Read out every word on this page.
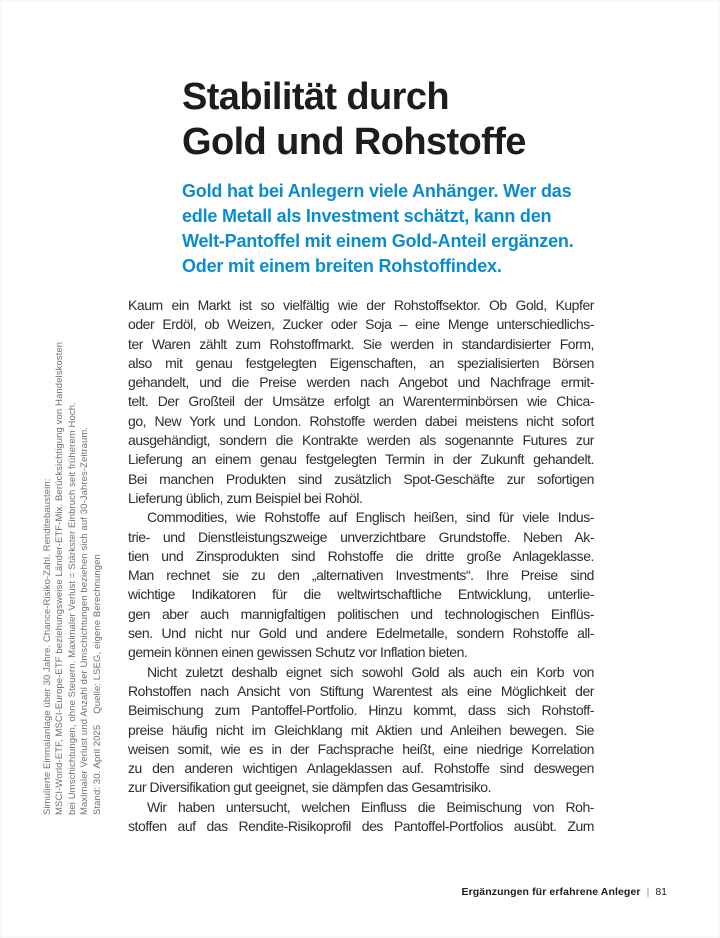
Simulierte Einmalanlage über 30 Jahre. Chance-Risiko-Zahl. Renditebaustein: MSCI-World-ETF, MSCI-Europe-ETF beziehungsweise Länder-ETF-Mix. Berücksichtigung von Handelskosten bei Umschichtungen, ohne Steuern. Maximaler Verlust = Stärkster Einbruch seit früherem Hoch. Maximaler Verlust und Anzahl der Umschichtungen beziehen sich auf 30-Jahres-Zeitraum. Stand: 30. April 2025    Quelle: LSEG, eigene Berechnungen
Stabilität durch
Gold und Rohstoffe
Gold hat bei Anlegern viele Anhänger. Wer das
edle Metall als Investment schätzt, kann den
Welt-Pantoffel mit einem Gold-Anteil ergänzen.
Oder mit einem breiten Rohstoffindex.
Kaum ein Markt ist so vielfältig wie der Rohstoffsektor. Ob Gold, Kupfer
oder Erdöl, ob Weizen, Zucker oder Soja – eine Menge unterschiedlichs-
ter Waren zählt zum Rohstoffmarkt. Sie werden in standardisierter Form,
also mit genau festgelegten Eigenschaften, an spezialisierten Börsen
gehandelt, und die Preise werden nach Angebot und Nachfrage ermit-
telt. Der Großteil der Umsätze erfolgt an Warenterminbörsen wie Chica-
go, New York und London. Rohstoffe werden dabei meistens nicht sofort
ausgehändigt, sondern die Kontrakte werden als sogenannte Futures zur
Lieferung an einem genau festgelegten Termin in der Zukunft gehandelt.
Bei manchen Produkten sind zusätzlich Spot-Geschäfte zur sofortigen
Lieferung üblich, zum Beispiel bei Rohöl.
Commodities, wie Rohstoffe auf Englisch heißen, sind für viele Indus-
trie- und Dienstleistungszweige unverzichtbare Grundstoffe. Neben Ak-
tien und Zinsprodukten sind Rohstoffe die dritte große Anlageklasse.
Man rechnet sie zu den „alternativen Investments“. Ihre Preise sind
wichtige Indikatoren für die weltwirtschaftliche Entwicklung, unterlie-
gen aber auch mannigfaltigen politischen und technologischen Einflüs-
sen. Und nicht nur Gold und andere Edelmetalle, sondern Rohstoffe all-
gemein können einen gewissen Schutz vor Inflation bieten.
Nicht zuletzt deshalb eignet sich sowohl Gold als auch ein Korb von
Rohstoffen nach Ansicht von Stiftung Warentest als eine Möglichkeit der
Beimischung zum Pantoffel-Portfolio. Hinzu kommt, dass sich Rohstoff-
preise häufig nicht im Gleichklang mit Aktien und Anleihen bewegen. Sie
weisen somit, wie es in der Fachsprache heißt, eine niedrige Korrelation
zu den anderen wichtigen Anlageklassen auf. Rohstoffe sind deswegen
zur Diversifikation gut geeignet, sie dämpfen das Gesamtrisiko.
Wir haben untersucht, welchen Einfluss die Beimischung von Roh-
stoffen auf das Rendite-Risikoprofil des Pantoffel-Portfolios ausübt. Zum
Ergänzungen für erfahrene Anleger | 81
